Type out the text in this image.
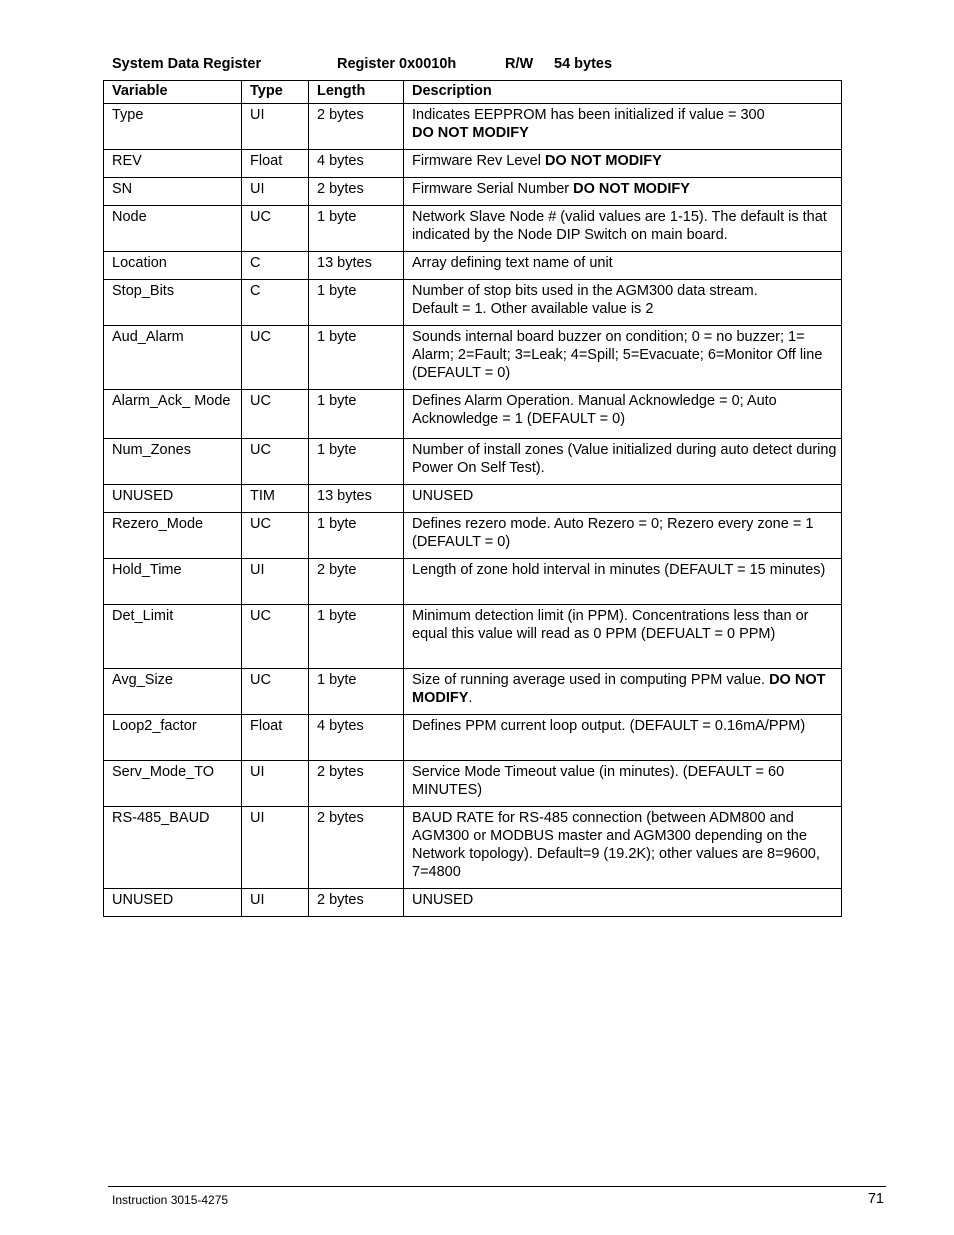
System Data Register	Register 0x0010h	R/W 54 bytes
Variable	Type	Length	Description
Type	UI	2 bytes	Indicates EEPPROM has been initialized if value = 300
DO NOT MODIFY
REV	Float	4 bytes	Firmware Rev Level DO NOT MODIFY
SN	UI	2 bytes	Firmware Serial Number DO NOT MODIFY
Node	UC	1 byte	Network Slave Node # (valid values are 1-15). The default is that indicated by the Node DIP Switch on main board.
Location	C	13 bytes	Array defining text name of unit
Stop_Bits	C	1 byte	Number of stop bits used in the AGM300 data stream.
Default = 1. Other available value is 2
Aud_Alarm	UC	1 byte	Sounds internal board buzzer on condition; 0 = no buzzer; 1= Alarm; 2=Fault; 3=Leak; 4=Spill; 5=Evacuate; 6=Monitor Off line (DEFAULT = 0)
Alarm_Ack_ Mode	UC	1 byte	Defines Alarm Operation. Manual Acknowledge = 0; Auto Acknowledge = 1 (DEFAULT = 0)
Num_Zones	UC	1 byte	Number of install zones (Value initialized during auto detect during Power On Self Test).
UNUSED	TIM	13 bytes	UNUSED
Rezero_Mode	UC	1 byte	Defines rezero mode. Auto Rezero = 0; Rezero every zone = 1 (DEFAULT = 0)
Hold_Time	UI	2 byte	Length of zone hold interval in minutes (DEFAULT = 15 minutes)
Det_Limit	UC	1 byte	Minimum detection limit (in PPM). Concentrations less than or equal this value will read as 0 PPM (DEFUALT = 0 PPM)
Avg_Size	UC	1 byte	Size of running average used in computing PPM value. DO NOT MODIFY.
Loop2_factor	Float	4 bytes	Defines PPM current loop output. (DEFAULT = 0.16mA/PPM)
Serv_Mode_TO	UI	2 bytes	Service Mode Timeout value (in minutes). (DEFAULT = 60 MINUTES)
RS-485_BAUD	UI	2 bytes	BAUD RATE for RS-485 connection (between ADM800 and AGM300 or MODBUS master and AGM300 depending on the Network topology). Default=9 (19.2K); other values are 8=9600, 7=4800
UNUSED	UI	2 bytes	UNUSED
Instruction 3015-4275	71
